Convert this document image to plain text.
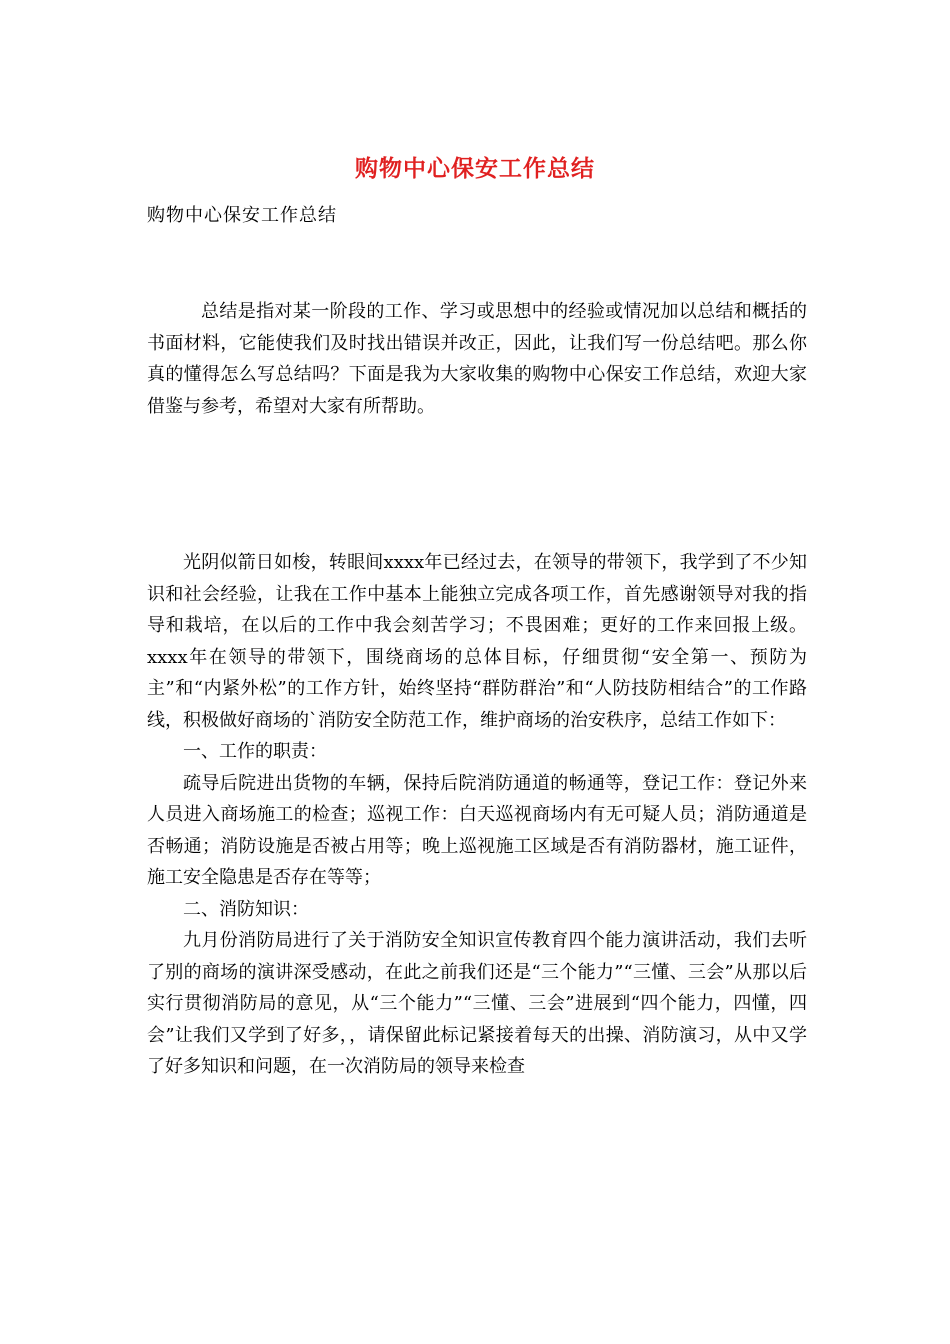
购物中心保安工作总结
购物中心保安工作总结

总结是指对某一阶段的工作、学习或思想中的经验或情况加以总结和概括的书面材料，它能使我们及时找出错误并改正，因此，让我们写一份总结吧。那么你真的懂得怎么写总结吗？下面是我为大家收集的购物中心保安工作总结，欢迎大家借鉴与参考，希望对大家有所帮助。

光阴似箭日如梭，转眼间xxxx年已经过去，在领导的带领下，我学到了不少知识和社会经验，让我在工作中基本上能独立完成各项工作，首先感谢领导对我的指导和栽培，在以后的工作中我会刻苦学习；不畏困难；更好的工作来回报上级。xxxx年在领导的带领下，围绕商场的总体目标，仔细贯彻“安全第一、预防为主”和“内紧外松”的工作方针，始终坚持“群防群治”和“人防技防相结合”的工作路线，积极做好商场的`消防安全防范工作，维护商场的治安秩序，总结工作如下：

一、工作的职责：

疏导后院进出货物的车辆，保持后院消防通道的畅通等，登记工作：登记外来人员进入商场施工的检查；巡视工作：白天巡视商场内有无可疑人员；消防通道是否畅通；消防设施是否被占用等；晚上巡视施工区域是否有消防器材，施工证件，施工安全隐患是否存在等等；

二、消防知识：

九月份消防局进行了关于消防安全知识宣传教育四个能力演讲活动，我们去听了别的商场的演讲深受感动，在此之前我们还是“三个能力”“三懂、三会”从那以后实行贯彻消防局的意见，从“三个能力”“三懂、三会”进展到“四个能力，四懂，四会”让我们又学到了好多，，请保留此标记紧接着每天的出操、消防演习，从中又学了好多知识和问题，在一次消防局的领导来检查
